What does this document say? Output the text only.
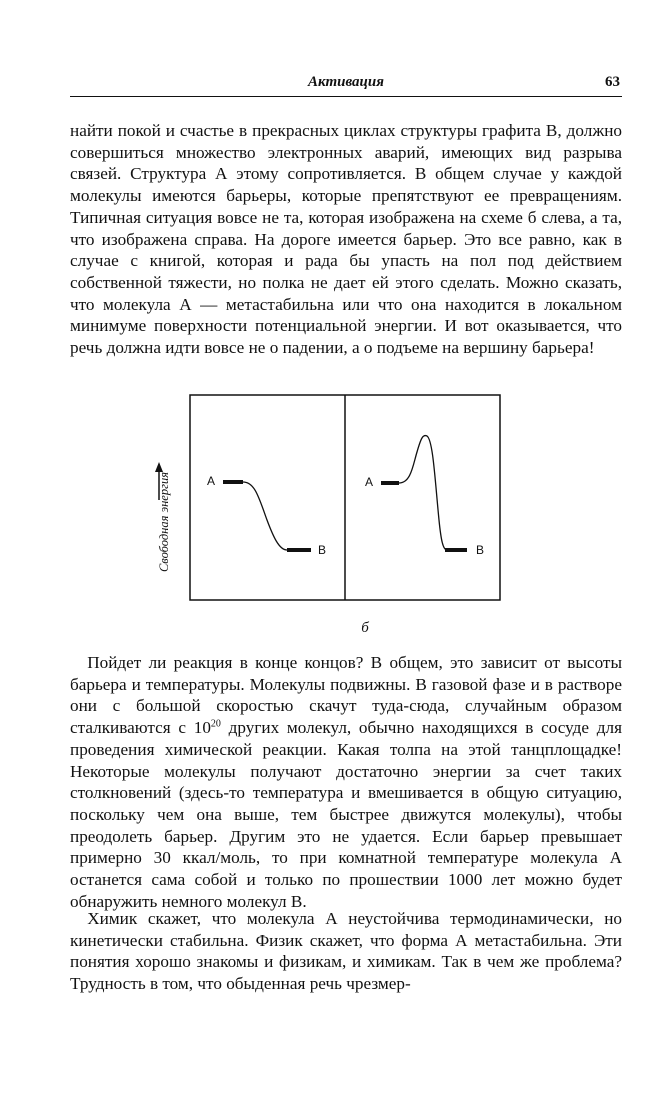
Активация	63

найти покой и счастье в прекрасных циклах структуры графита В, должно совершиться множество электронных аварий, имеющих вид разрыва связей. Структура А этому сопротивляется. В общем случае у каждой молекулы имеются барьеры, которые препятствуют ее превращениям. Типичная ситуация вовсе не та, которая изображена на схеме б слева, а та, что изображена справа. На дороге имеется барьер. Это все равно, как в случае с книгой, которая и рада бы упасть на пол под действием собственной тяжести, но полка не дает ей этого сделать. Можно сказать, что молекула А — метастабильна или что она находится в локальном минимуме поверхности потенциальной энергии. И вот оказывается, что речь должна идти вовсе не о падении, а о подъеме на вершину барьера!

A
B
A
B
Свободная энергия
б

 Пойдет ли реакция в конце концов? В общем, это зависит от высоты барьера и температуры. Молекулы подвижны. В газовой фазе и в растворе они с большой скоростью скачут туда-сюда, случайным образом сталкиваются с $10^{20}$ других молекул, обычно находящихся в сосуде для проведения химической реакции. Какая толпа на этой танцплощадке! Некоторые молекулы получают достаточно энергии за счет таких столкновений (здесь-то температура и вмешивается в общую ситуацию, поскольку чем она выше, тем быстрее движутся молекулы), чтобы преодолеть барьер. Другим это не удается. Если барьер превышает примерно 30 ккал/моль, то при комнатной температуре молекула А останется сама собой и только по прошествии 1000 лет можно будет обнаружить немного молекул В.

 Химик скажет, что молекула А неустойчива термодинамически, но кинетически стабильна. Физик скажет, что форма А метастабильна. Эти понятия хорошо знакомы и физикам, и химикам. Так в чем же проблема? Трудность в том, что обыденная речь чрезмер-
